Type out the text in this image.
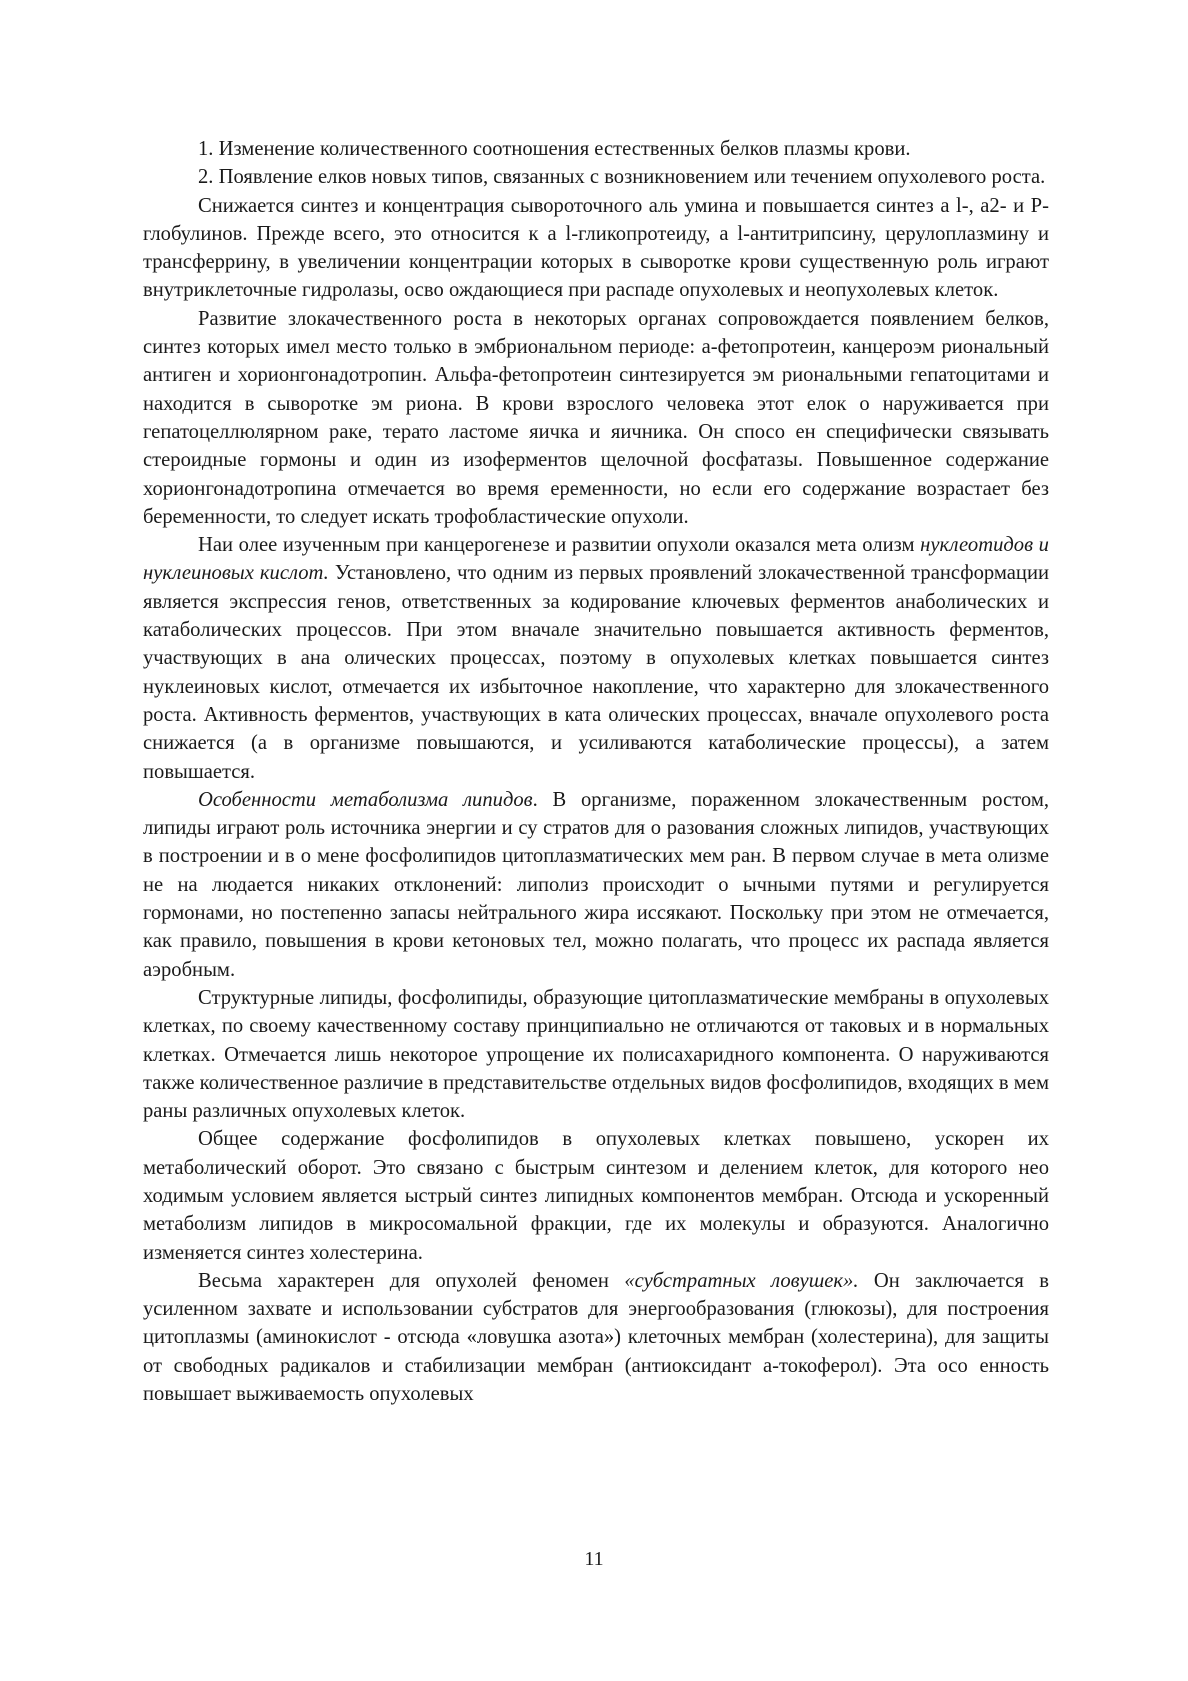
1. Изменение количественного соотношения естественных белков плазмы крови.

2. Появление елков новых типов, связанных с возникновением или течением опухолевого роста.

Снижается синтез и концентрация сывороточного аль умина и повышается синтез а l-, а2- и Р-глобулинов. Прежде всего, это относится к а l-гликопротеиду, а l-антитрипсину, церулоплазмину и трансферрину, в увеличении концентрации которых в сыворотке крови существенную роль играют внутриклеточные гидролазы, осво ождающиеся при распаде опухолевых и неопухолевых клеток.

Развитие злокачественного роста в некоторых органах сопровождается появлением белков, синтез которых имел место только в эмбриональном периоде: а-фетопротеин, канцероэм риональный антиген и хорионгонадотропин. Альфа-фетопротеин синтезируется эм риональными гепатоцитами и находится в сыворотке эм риона. В крови взрослого человека этот елок о наруживается при гепатоцеллюлярном раке, терато ластоме яичка и яичника. Он спосо ен специфически связывать стероидные гормоны и один из изоферментов щелочной фосфатазы. Повышенное содержание хорионгонадотропина отмечается во время еременности, но если его содержание возрастает без беременности, то следует искать трофобластические опухоли.

Наи олее изученным при канцерогенезе и развитии опухоли оказался мета олизм нуклеотидов и нуклеиновых кислот. Установлено, что одним из первых проявлений злокачественной трансформации является экспрессия генов, ответственных за кодирование ключевых ферментов анаболических и катаболических процессов. При этом вначале значительно повышается активность ферментов, участвующих в ана олических процессах, поэтому в опухолевых клетках повышается синтез нуклеиновых кислот, отмечается их избыточное накопление, что характерно для злокачественного роста. Активность ферментов, участвующих в ката олических процессах, вначале опухолевого роста снижается (а в организме повышаются, и усиливаются катаболические процессы), а затем повышается.

Особенности метаболизма липидов. В организме, пораженном злокачественным ростом, липиды играют роль источника энергии и су стратов для о разования сложных липидов, участвующих в построении и в о мене фосфолипидов цитоплазматических мем ран. В первом случае в мета олизме не на людается никаких отклонений: липолиз происходит о ычными путями и регулируется гормонами, но постепенно запасы нейтрального жира иссякают. Поскольку при этом не отмечается, как правило, повышения в крови кетоновых тел, можно полагать, что процесс их распада является аэробным.

Структурные липиды, фосфолипиды, образующие цитоплазматические мембраны в опухолевых клетках, по своему качественному составу принципиально не отличаются от таковых и в нормальных клетках. Отмечается лишь некоторое упрощение их полисахаридного компонента. О наруживаются также количественное различие в представительстве отдельных видов фосфолипидов, входящих в мем раны различных опухолевых клеток.

Общее содержание фосфолипидов в опухолевых клетках повышено, ускорен их метаболический оборот. Это связано с быстрым синтезом и делением клеток, для которого нео ходимым условием является ыстрый синтез липидных компонентов мембран. Отсюда и ускоренный метаболизм липидов в микросомальной фракции, где их молекулы и образуются. Аналогично изменяется синтез холестерина.

Весьма характерен для опухолей феномен «субстратных ловушек». Он заключается в усиленном захвате и использовании субстратов для энергообразования (глюкозы), для построения цитоплазмы (аминокислот - отсюда «ловушка азота») клеточных мембран (холестерина), для защиты от свободных радикалов и стабилизации мембран (антиоксидант а-токоферол). Эта осо енность повышает выживаемость опухолевых

11
